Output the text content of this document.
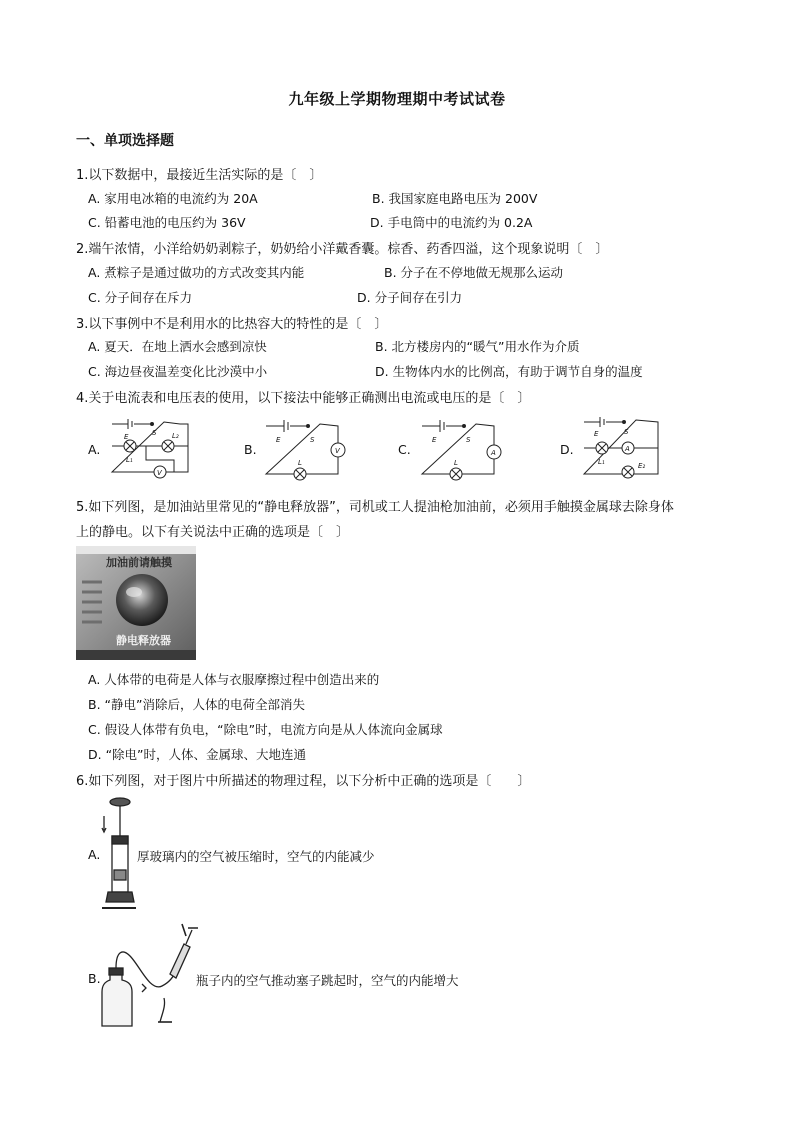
九年级上学期物理期中考试试卷
一、单项选择题
1.以下数据中，最接近生活实际的是〔　〕
A. 家用电冰箱的电流约为 20A	B. 我国家庭电路电压为 200V
C. 铅蓄电池的电压约为 36V	D. 手电筒中的电流约为 0.2A
2.端午浓情，小洋给奶奶剥粽子，奶奶给小洋戴香囊。棕香、药香四溢，这个现象说明〔　〕
A. 煮粽子是通过做功的方式改变其内能	B. 分子在不停地做无规那么运动
C. 分子间存在斥力	D. 分子间存在引力
3.以下事例中不是利用水的比热容大的特性的是〔　〕
A. 夏天．在地上洒水会感到凉快	B. 北方楼房内的“暖气”用水作为介质
C. 海边昼夜温差变化比沙漠中小	D. 生物体内水的比例高，有助于调节自身的温度
4.关于电流表和电压表的使用，以下接法中能够正确测出电流或电压的是〔　〕
A.
E	S
L₁
L₂
V
B.
E	S
V
L
C.
E	S
A
L
D.
E	S
L₁
A
E₂
5.如下列图，是加油站里常见的“静电释放器”，司机或工人提油枪加油前，必须用手触摸金属球去除身体
上的静电。以下有关说法中正确的选项是〔　〕
加油前请触摸
静电释放器
A. 人体带的电荷是人体与衣服摩擦过程中创造出来的
B. “静电”消除后，人体的电荷全部消失
C. 假设人体带有负电，“除电”时，电流方向是从人体流向金属球
D. “除电”时，人体、金属球、大地连通
6.如下列图，对于图片中所描述的物理过程，以下分析中正确的选项是〔　　〕
A.	厚玻璃内的空气被压缩时，空气的内能减少
B.	瓶子内的空气推动塞子跳起时，空气的内能增大
